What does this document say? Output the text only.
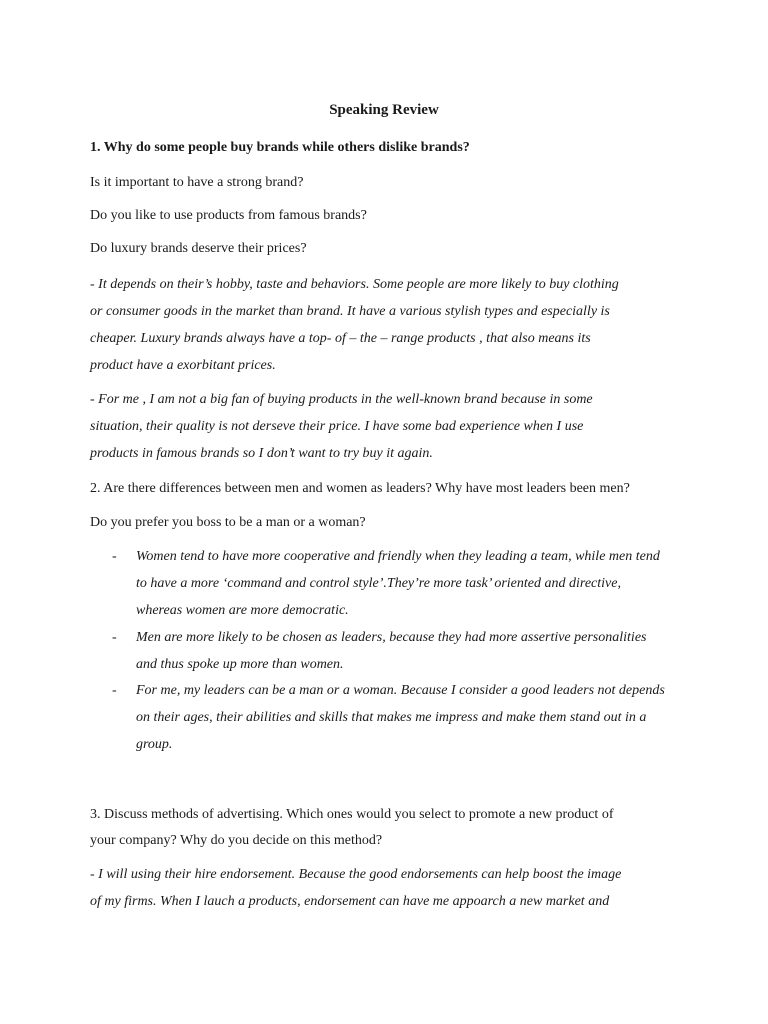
Speaking Review

1. Why do some people buy brands while others dislike brands?

Is it important to have a strong brand?

Do you like to use products from famous brands?

Do luxury brands deserve their prices?

- It depends on their’s hobby, taste and behaviors. Some people are more likely to buy clothing

or consumer goods in the market than brand. It have a various stylish types and especially is

cheaper. Luxury brands always have a top- of – the – range products , that also means its

product have a exorbitant prices.

- For me , I am not a big fan of buying products in the well-known brand because in some

situation, their quality is not derseve their price. I have some bad experience when I use

products in famous brands so I don’t want to try buy it again.

2. Are there differences between men and women as leaders? Why have most leaders been men?

Do you prefer you boss to be a man or a woman?

- Women tend to have more cooperative and friendly when they leading a team, while men tend

to have a more ‘command and control style’.They’re more task’ oriented and directive,

whereas women are more democratic.

- Men are more likely to be chosen as leaders, because they had more assertive personalities

and thus spoke up more than women.

- For me, my leaders can be a man or a woman. Because I consider a good leaders not depends

on their ages, their abilities and skills that makes me impress and make them stand out in a

group.

3. Discuss methods of advertising. Which ones would you select to promote a new product of

your company? Why do you decide on this method?

- I will using their hire endorsement. Because the good endorsements can help boost the image

of my firms. When I lauch a products, endorsement can have me appoarch a new market and
